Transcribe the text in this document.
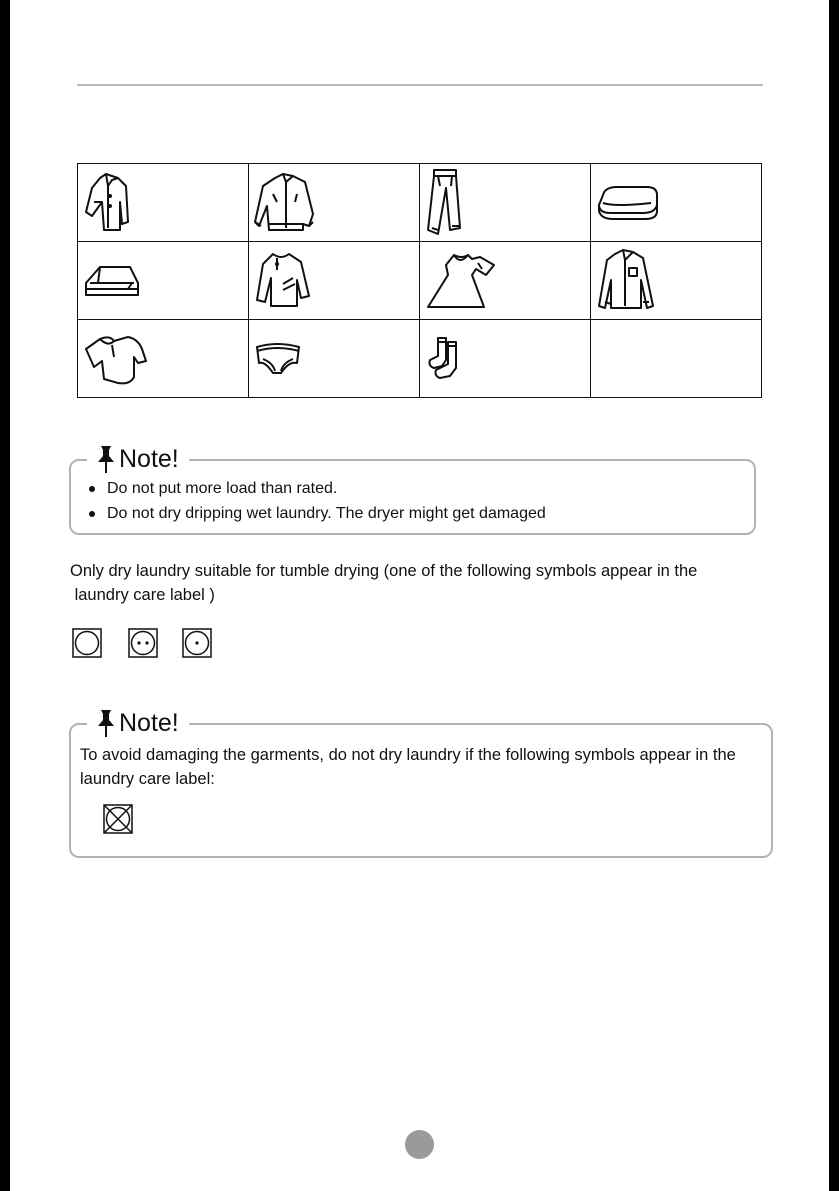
Do not put more load than rated.
Do not dry dripping wet laundry. The dryer might get damaged
Note!
Only dry laundry suitable for tumble drying (one of the following symbols appear in the
laundry care label )
To avoid damaging the garments, do not dry laundry if the following symbols appear in the
laundry care label:
Note!
